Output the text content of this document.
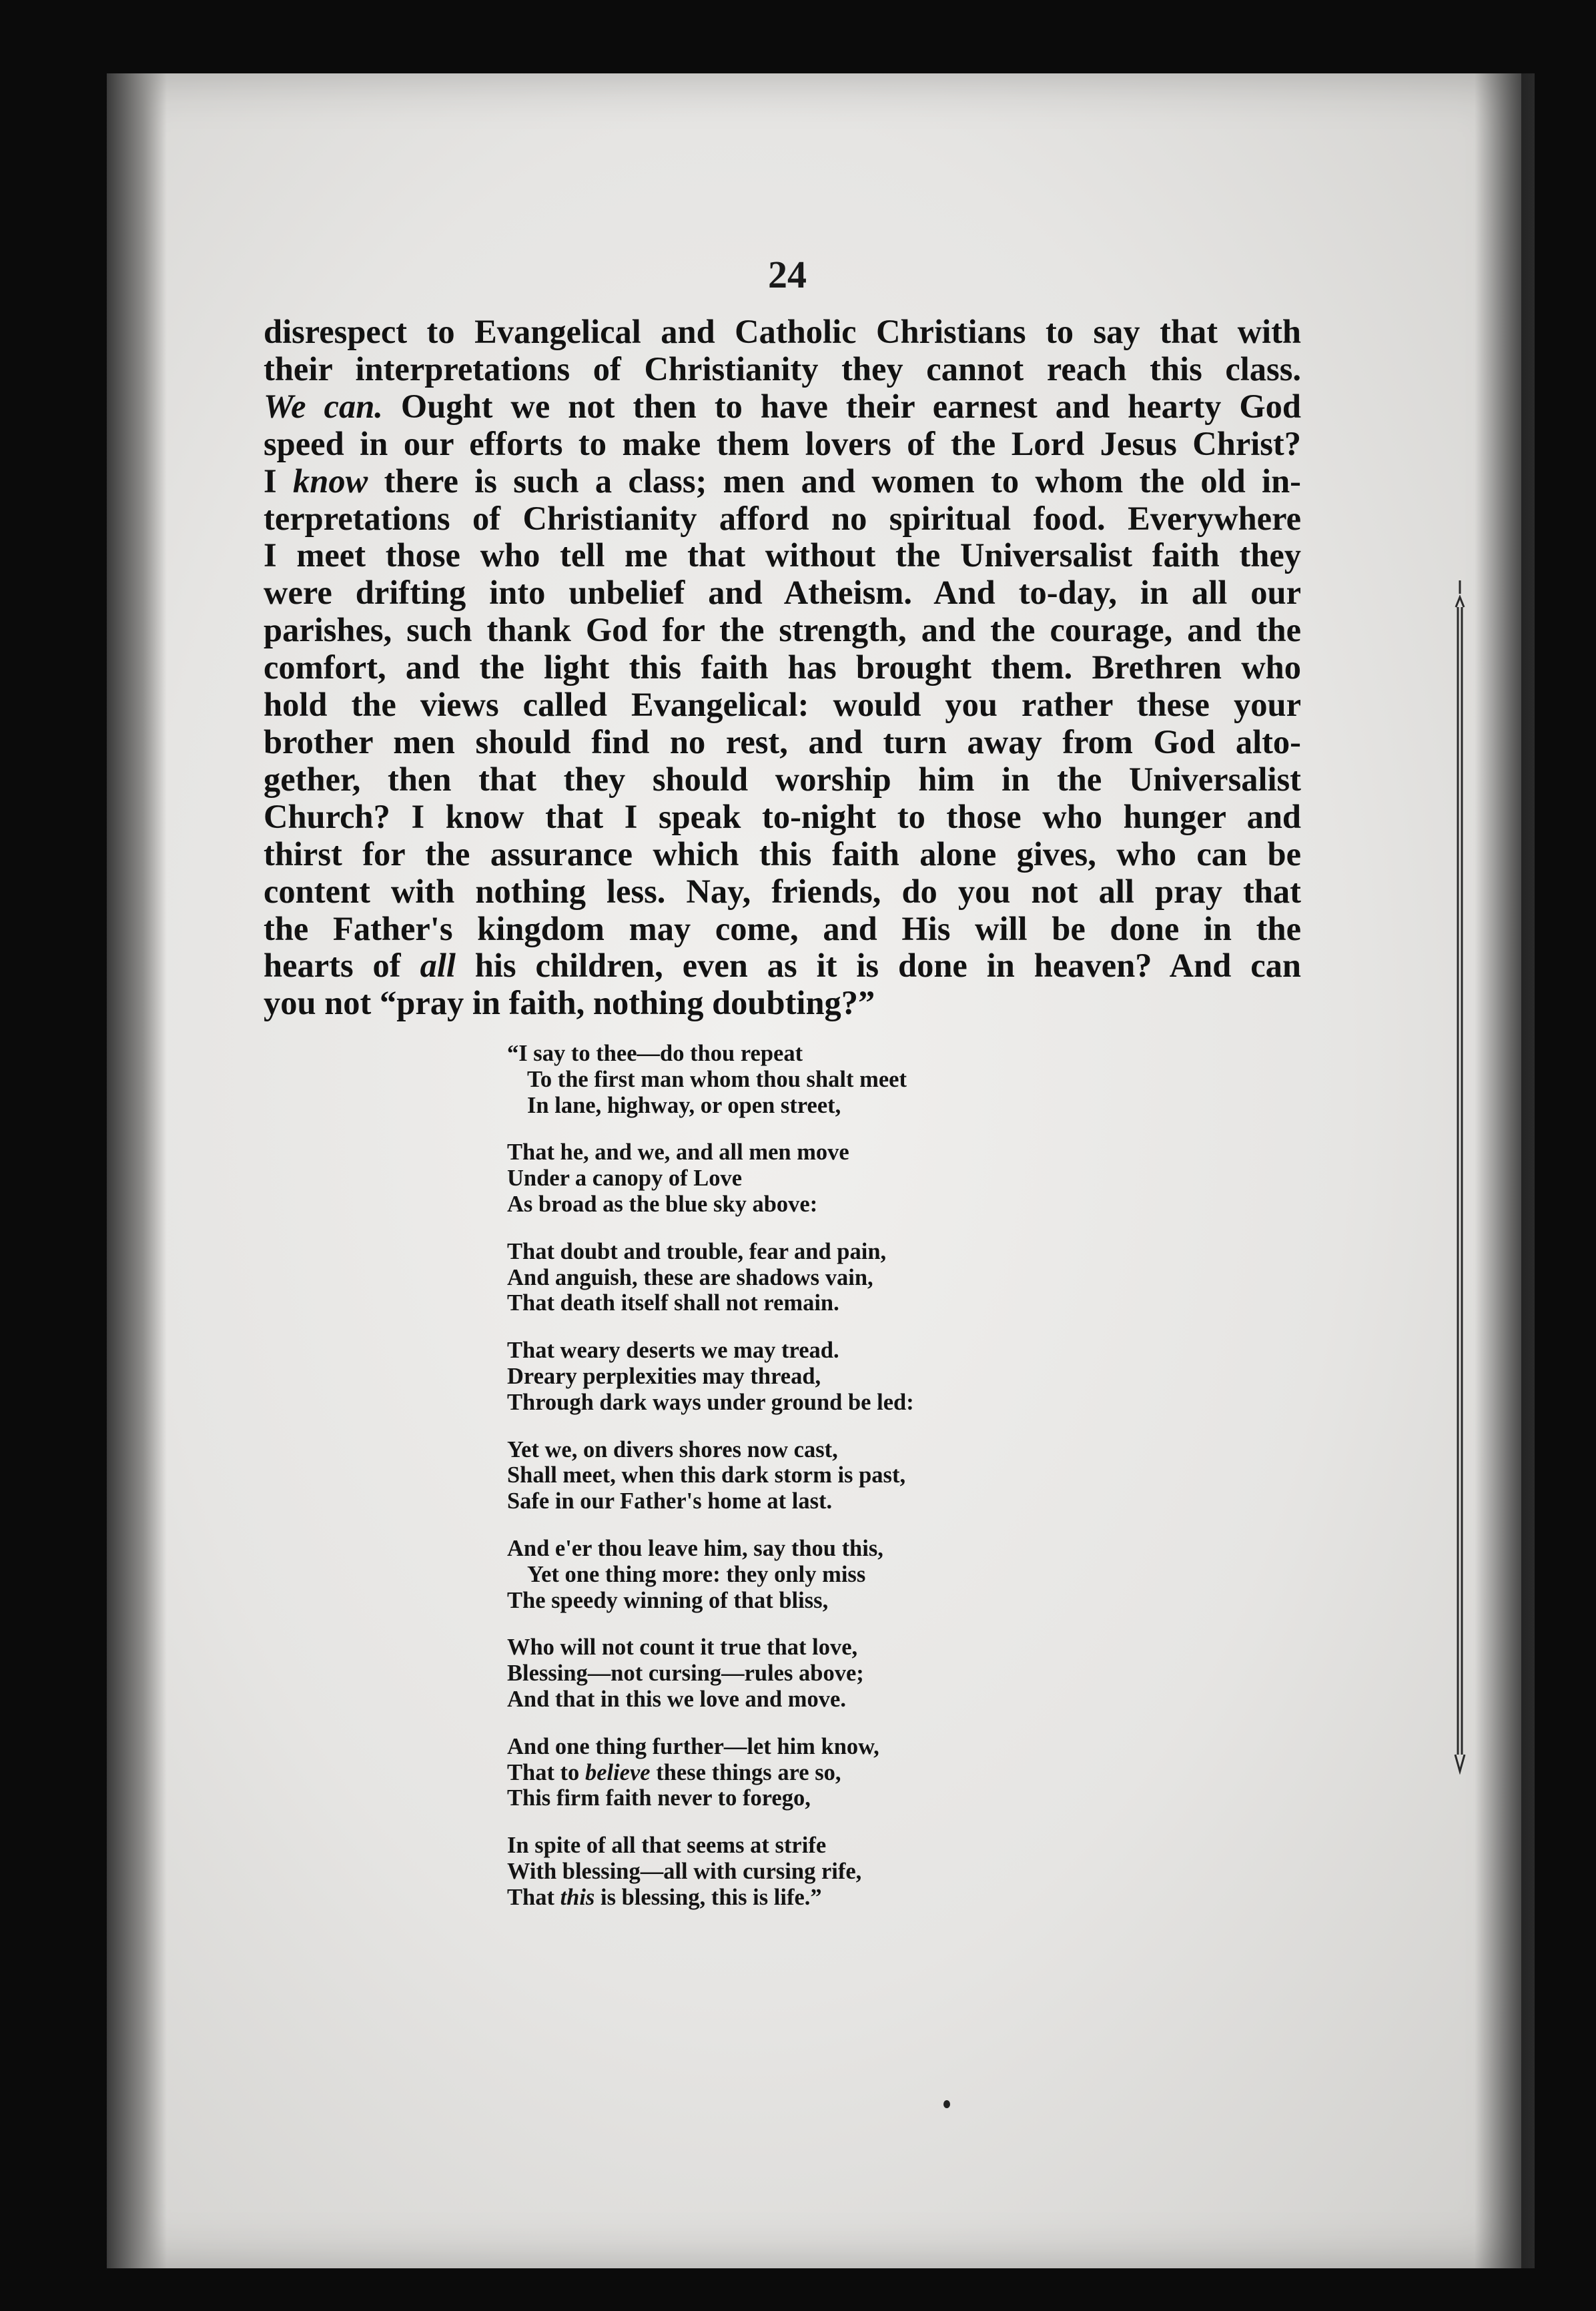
24
disrespect to Evangelical and Catholic Christians to say that with
their interpretations of Christianity they cannot reach this class.
We can. Ought we not then to have their earnest and hearty God
speed in our efforts to make them lovers of the Lord Jesus Christ?
I know there is such a class; men and women to whom the old in-
terpretations of Christianity afford no spiritual food. Everywhere
I meet those who tell me that without the Universalist faith they
were drifting into unbelief and Atheism. And to-day, in all our
parishes, such thank God for the strength, and the courage, and the
comfort, and the light this faith has brought them. Brethren who
hold the views called Evangelical: would you rather these your
brother men should find no rest, and turn away from God alto-
gether, then that they should worship him in the Universalist
Church? I know that I speak to-night to those who hunger and
thirst for the assurance which this faith alone gives, who can be
content with nothing less. Nay, friends, do you not all pray that
the Father's kingdom may come, and His will be done in the
hearts of all his children, even as it is done in heaven? And can
you not “pray in faith, nothing doubting?”
“I say to thee—do thou repeat
To the first man whom thou shalt meet
In lane, highway, or open street,
That he, and we, and all men move
Under a canopy of Love
As broad as the blue sky above:
That doubt and trouble, fear and pain,
And anguish, these are shadows vain,
That death itself shall not remain.
That weary deserts we may tread.
Dreary perplexities may thread,
Through dark ways under ground be led:
Yet we, on divers shores now cast,
Shall meet, when this dark storm is past,
Safe in our Father's home at last.
And e'er thou leave him, say thou this,
Yet one thing more: they only miss
The speedy winning of that bliss,
Who will not count it true that love,
Blessing—not cursing—rules above;
And that in this we love and move.
And one thing further—let him know,
That to believe these things are so,
This firm faith never to forego,
In spite of all that seems at strife
With blessing—all with cursing rife,
That this is blessing, this is life.”
